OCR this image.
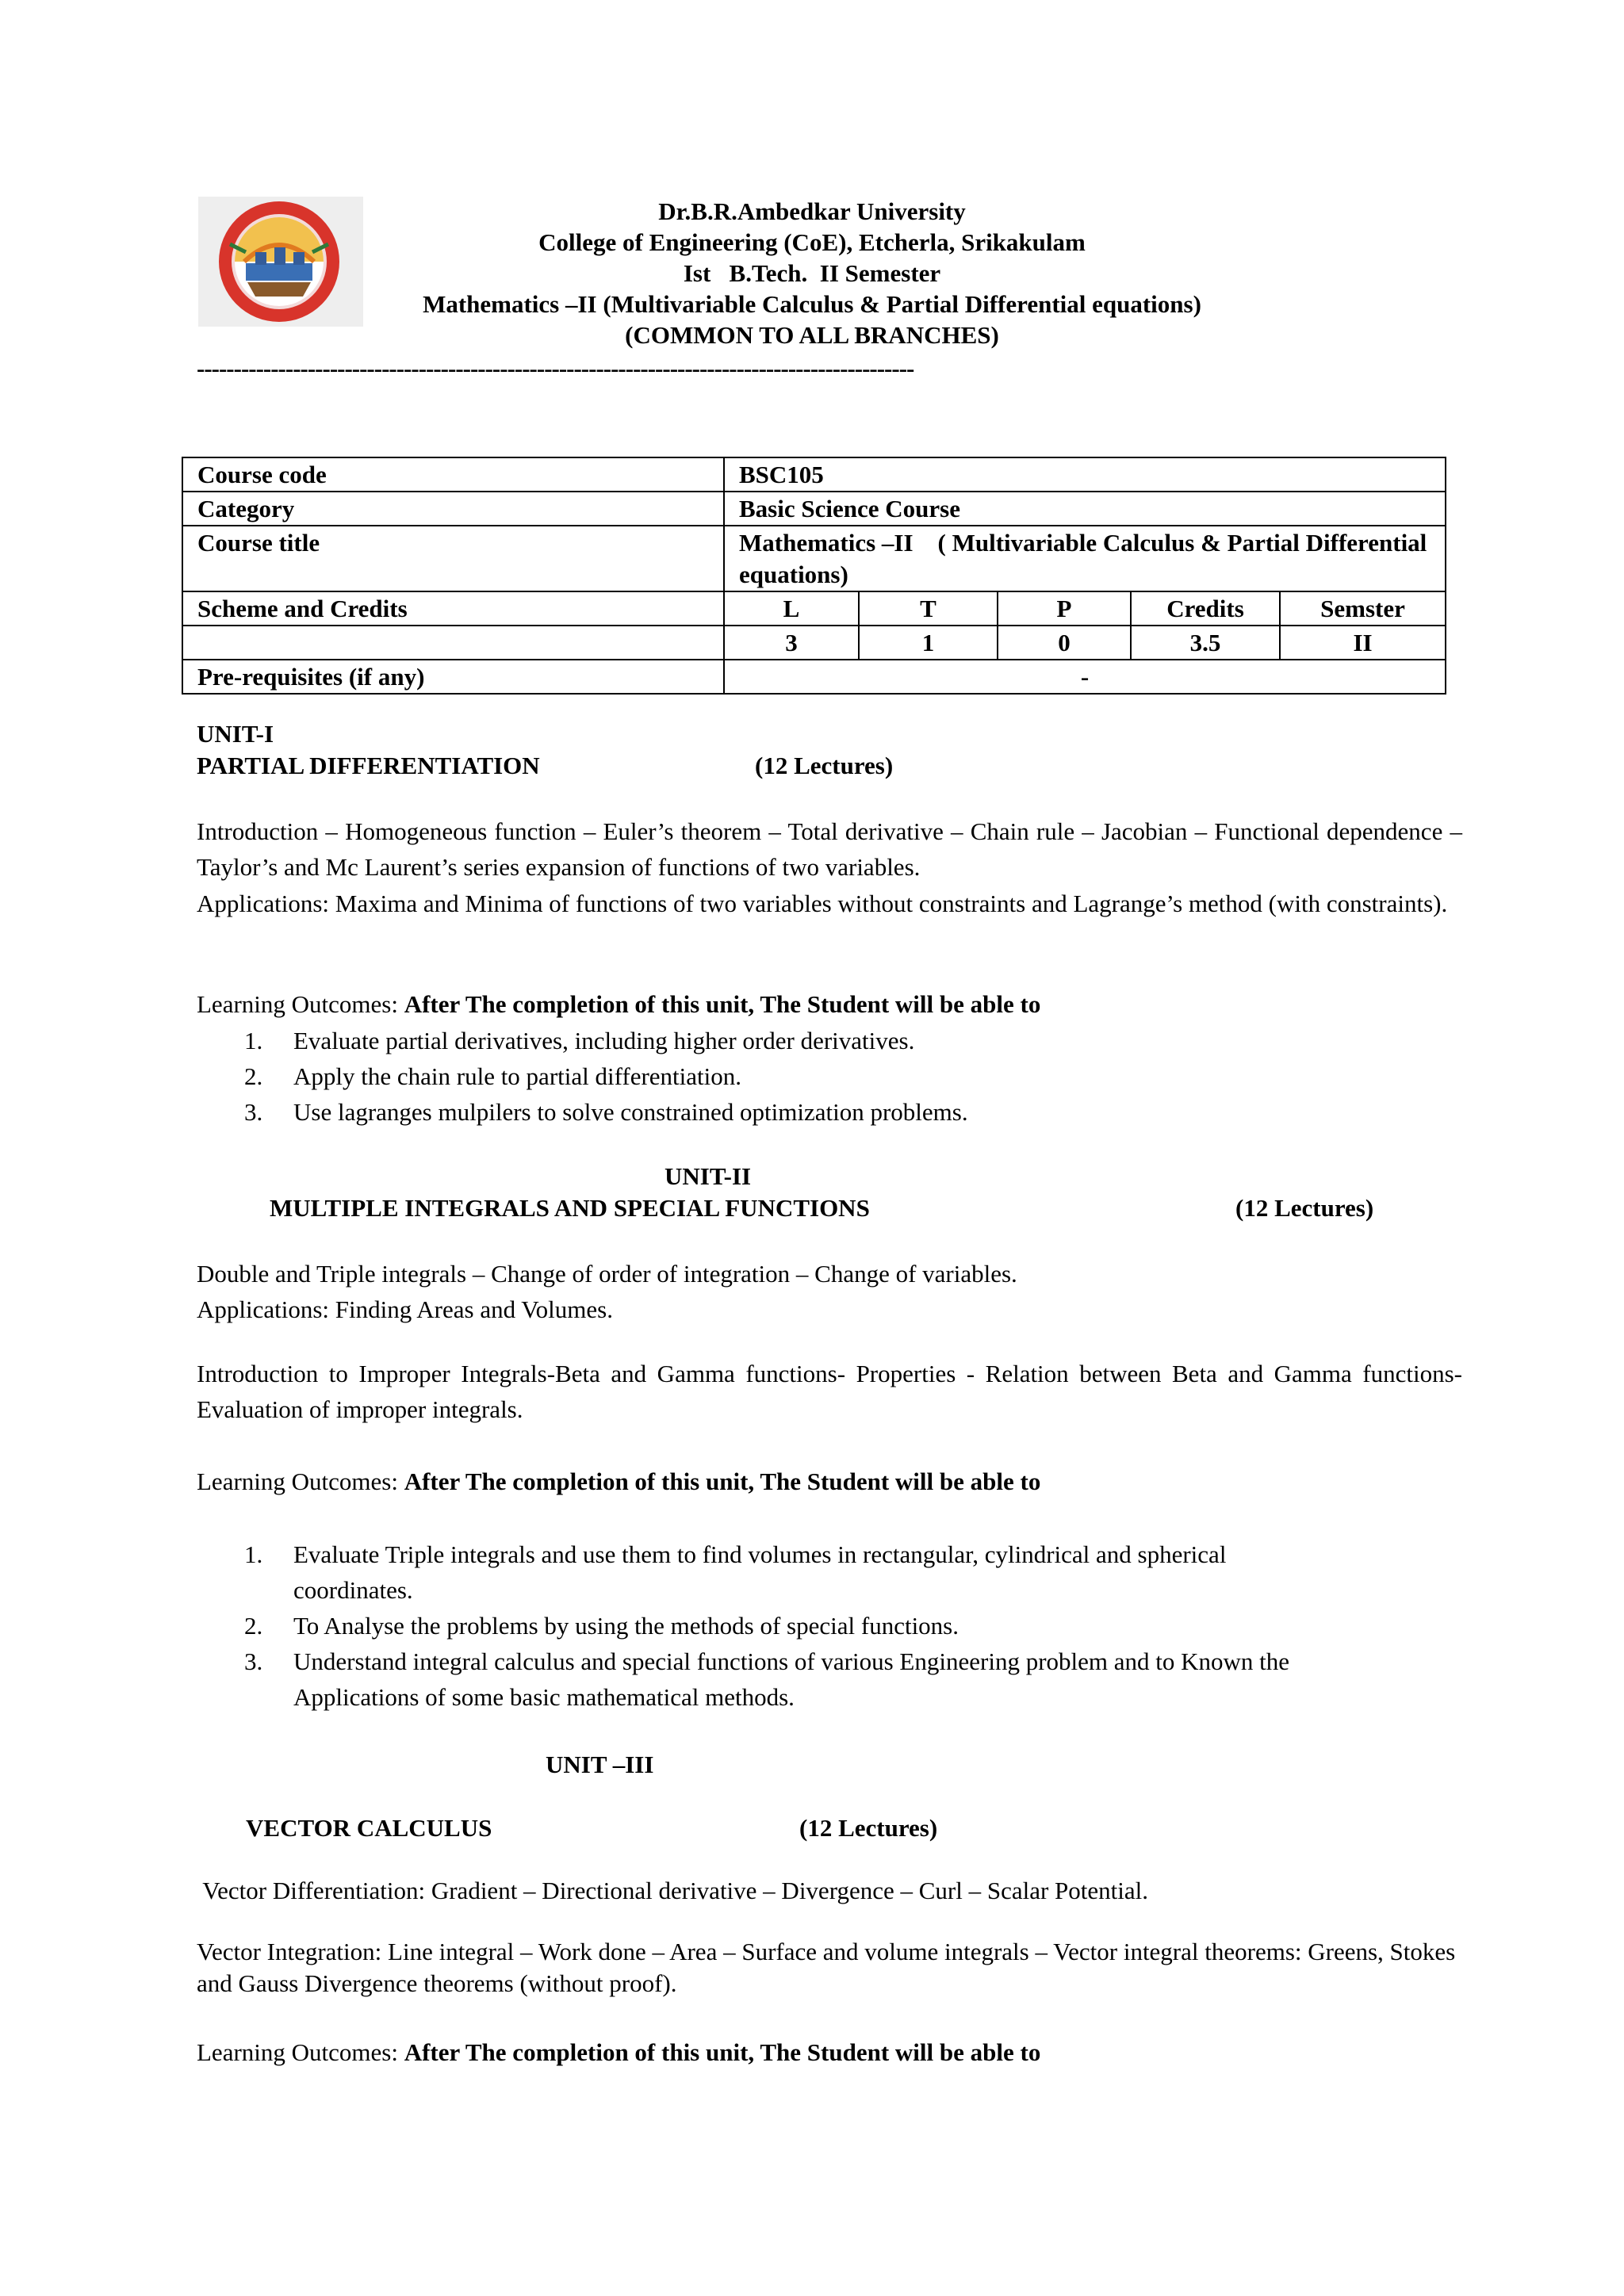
Dr.B.R.Ambedkar University
College of Engineering (CoE), Etcherla, Srikakulam
Ist   B.Tech.  II Semester
Mathematics –II (Multivariable Calculus & Partial Differential equations)
(COMMON TO ALL BRANCHES)
-------------------------------------------------------------------------------------------------
Course code	BSC105				
Category	Basic Science Course				
Course title	Mathematics –II    ( Multivariable Calculus & Partial Differential equations)				
Scheme and Credits	L	T	P	Credits	Semster
	3	1	0	3.5	II
Pre-requisites (if any)	-				
UNIT-I
PARTIAL DIFFERENTIATION	(12 Lectures)
Introduction – Homogeneous function – Euler’s theorem – Total derivative – Chain rule – Jacobian – Functional dependence – Taylor’s and Mc Laurent’s series expansion of functions of two variables.
Applications: Maxima and Minima of functions of two variables without constraints and Lagrange’s method (with constraints).
Learning Outcomes: After The completion of this unit, The Student will be able to
1. Evaluate partial derivatives, including higher order derivatives.
2. Apply the chain rule to partial differentiation.
3. Use lagranges mulpilers to solve constrained optimization problems.
UNIT-II
MULTIPLE INTEGRALS AND SPECIAL FUNCTIONS	(12 Lectures)
Double and Triple integrals – Change of order of integration – Change of variables.
Applications: Finding Areas and Volumes.
Introduction to Improper Integrals-Beta and Gamma functions- Properties - Relation between Beta and Gamma functions- Evaluation of improper integrals.
Learning Outcomes: After The completion of this unit, The Student will be able to
1. Evaluate Triple integrals and use them to find volumes in rectangular, cylindrical and spherical coordinates.
2. To Analyse the problems by using the methods of special functions.
3. Understand integral calculus and special functions of various Engineering problem and to Known the Applications of some basic mathematical methods.
UNIT –III
VECTOR CALCULUS	(12 Lectures)
Vector Differentiation: Gradient – Directional derivative – Divergence – Curl – Scalar Potential.
Vector Integration: Line integral – Work done – Area – Surface and volume integrals – Vector integral theorems: Greens, Stokes and Gauss Divergence theorems (without proof).
Learning Outcomes: After The completion of this unit, The Student will be able to
